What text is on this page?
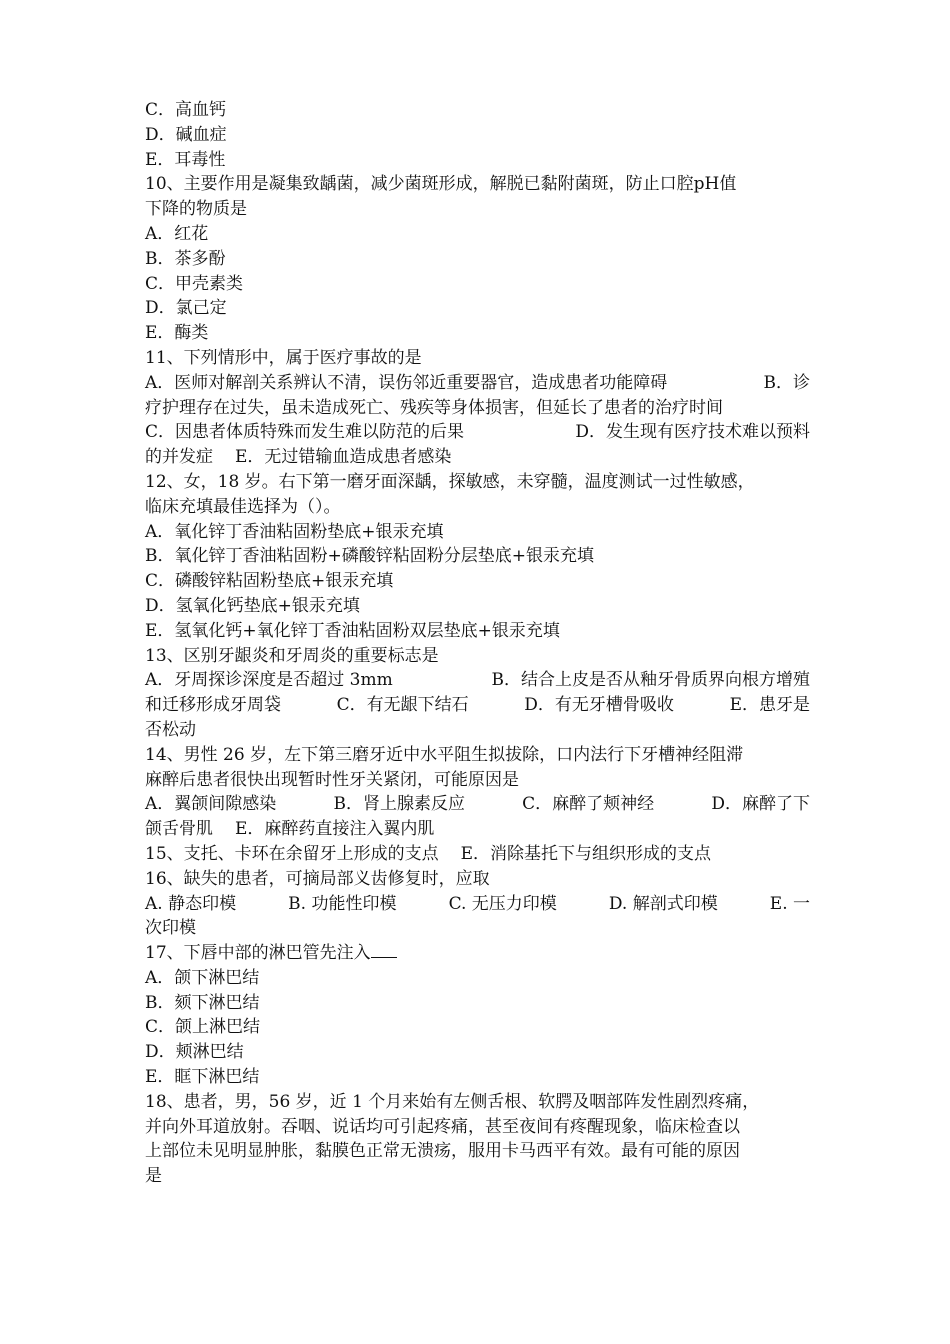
C．高血钙
D．碱血症
E．耳毒性
10、主要作用是凝集致龋菌，减少菌斑形成，解脱已黏附菌斑，防止口腔pH值
下降的物质是
A．红花
B．茶多酚
C．甲壳素类
D．氯己定
E．酶类
11、下列情形中，属于医疗事故的是
A．医师对解剖关系辨认不清，误伤邻近重要器官，造成患者功能障碍	B．诊
疗护理存在过失，虽未造成死亡、残疾等身体损害，但延长了患者的治疗时间
C．因患者体质特殊而发生难以防范的后果	D．发生现有医疗技术难以预料
的并发症 E．无过错输血造成患者感染
12、女，18 岁。右下第一磨牙面深龋，探敏感，未穿髓，温度测试一过性敏感，
临床充填最佳选择为（）。
A．氧化锌丁香油粘固粉垫底+银汞充填
B．氧化锌丁香油粘固粉+磷酸锌粘固粉分层垫底+银汞充填
C．磷酸锌粘固粉垫底+银汞充填
D．氢氧化钙垫底+银汞充填
E．氢氧化钙+氧化锌丁香油粘固粉双层垫底+银汞充填
13、区别牙龈炎和牙周炎的重要标志是
A．牙周探诊深度是否超过 3mm	B．结合上皮是否从釉牙骨质界向根方增殖
和迁移形成牙周袋	C．有无龈下结石	D．有无牙槽骨吸收	E．患牙是
否松动
14、男性 26 岁，左下第三磨牙近中水平阻生拟拔除，口内法行下牙槽神经阻滞
麻醉后患者很快出现暂时性牙关紧闭，可能原因是
A．翼颌间隙感染	B．肾上腺素反应	C．麻醉了颊神经	D．麻醉了下
颌舌骨肌 E．麻醉药直接注入翼内肌
15、支托、卡环在余留牙上形成的支点 E．消除基托下与组织形成的支点
16、缺失的患者，可摘局部义齿修复时，应取
A. 静态印模	B. 功能性印模	C. 无压力印模	D. 解剖式印模	E. 一
次印模
17、下唇中部的淋巴管先注入
A．颌下淋巴结
B．颏下淋巴结
C．颌上淋巴结
D．颊淋巴结
E．眶下淋巴结
18、患者，男，56 岁，近 1 个月来始有左侧舌根、软腭及咽部阵发性剧烈疼痛，
并向外耳道放射。吞咽、说话均可引起疼痛，甚至夜间有疼醒现象，临床检查以
上部位未见明显肿胀，黏膜色正常无溃疡，服用卡马西平有效。最有可能的原因
是
